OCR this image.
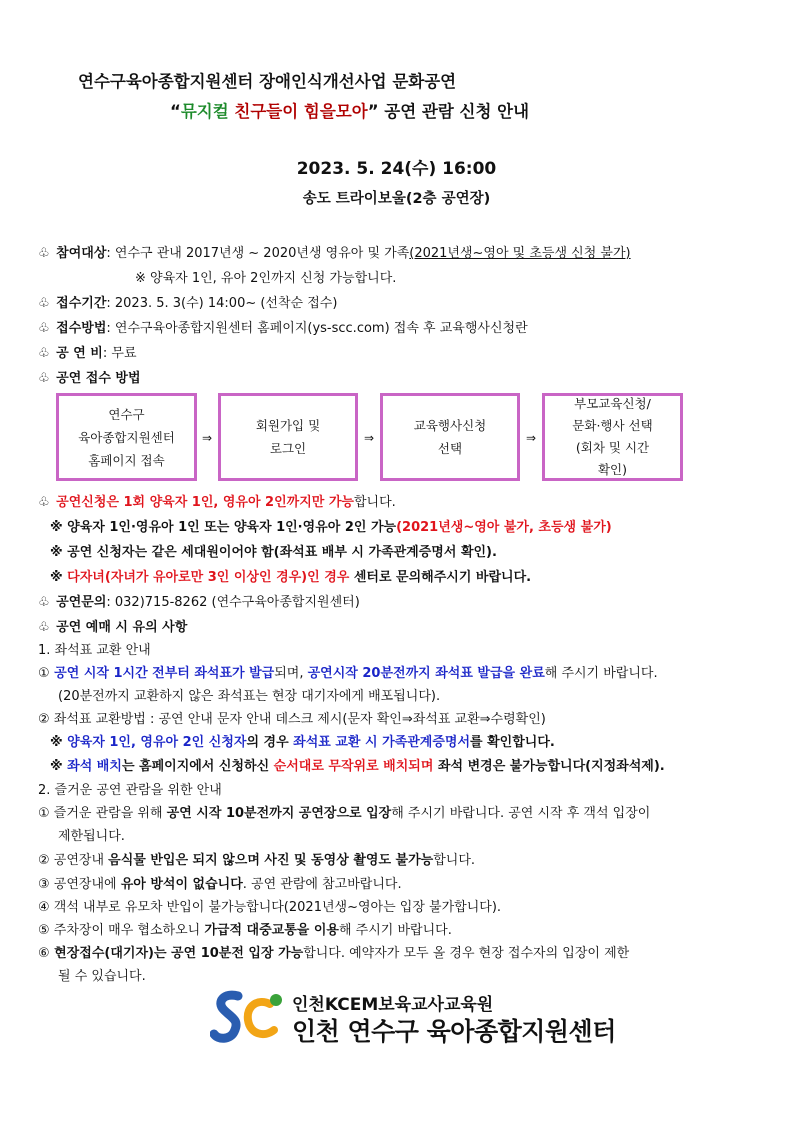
연수구육아종합지원센터 장애인식개선사업 문화공연
“뮤지컬 친구들이 힘을모아” 공연 관람 신청 안내
2023. 5. 24(수) 16:00
송도 트라이보울(2층 공연장)
♧ 참여대상: 연수구 관내 2017년생 ~ 2020년생 영유아 및 가족(2021년생~영아 및 초등생 신청 불가)
※ 양육자 1인, 유아 2인까지 신청 가능합니다.
♧ 접수기간: 2023. 5. 3(수) 14:00~ (선착순 접수)
♧ 접수방법: 연수구육아종합지원센터 홈페이지(ys-scc.com) 접속 후 교육행사신청란
♧ 공 연 비: 무료
♧ 공연 접수 방법
연수구
육아종합지원센터
홈페이지 접속
⇒
회원가입 및
로그인
⇒
교육행사신청
선택
⇒
부모교육신청/
문화·행사 선택
(회차 및 시간
확인)
♧ 공연신청은 1회 양육자 1인, 영유아 2인까지만 가능합니다.
※ 양육자 1인·영유아 1인 또는 양육자 1인·영유아 2인 가능(2021년생~영아 불가, 초등생 불가)
※ 공연 신청자는 같은 세대원이어야 함(좌석표 배부 시 가족관계증명서 확인).
※ 다자녀(자녀가 유아로만 3인 이상인 경우)인 경우 센터로 문의해주시기 바랍니다.
♧ 공연문의: 032)715-8262 (연수구육아종합지원센터)
♧ 공연 예매 시 유의 사항
1. 좌석표 교환 안내
① 공연 시작 1시간 전부터 좌석표가 발급되며, 공연시작 20분전까지 좌석표 발급을 완료해 주시기 바랍니다.
(20분전까지 교환하지 않은 좌석표는 현장 대기자에게 배포됩니다).
② 좌석표 교환방법 : 공연 안내 문자 안내 데스크 제시(문자 확인⇒좌석표 교환⇒수령확인)
※ 양육자 1인, 영유아 2인 신청자의 경우 좌석표 교환 시 가족관계증명서를 확인합니다.
※ 좌석 배치는 홈페이지에서 신청하신 순서대로 무작위로 배치되며 좌석 변경은 불가능합니다(지정좌석제).
2. 즐거운 공연 관람을 위한 안내
① 즐거운 관람을 위해 공연 시작 10분전까지 공연장으로 입장해 주시기 바랍니다. 공연 시작 후 객석 입장이
제한됩니다.
② 공연장내 음식물 반입은 되지 않으며 사진 및 동영상 촬영도 불가능합니다.
③ 공연장내에 유아 방석이 없습니다. 공연 관람에 참고바랍니다.
④ 객석 내부로 유모차 반입이 불가능합니다(2021년생~영아는 입장 불가합니다).
⑤ 주차장이 매우 협소하오니 가급적 대중교통을 이용해 주시기 바랍니다.
⑥ 현장접수(대기자)는 공연 10분전 입장 가능합니다. 예약자가 모두 올 경우 현장 접수자의 입장이 제한
될 수 있습니다.
인천KCEM보육교사교육원
인천 연수구 육아종합지원센터
